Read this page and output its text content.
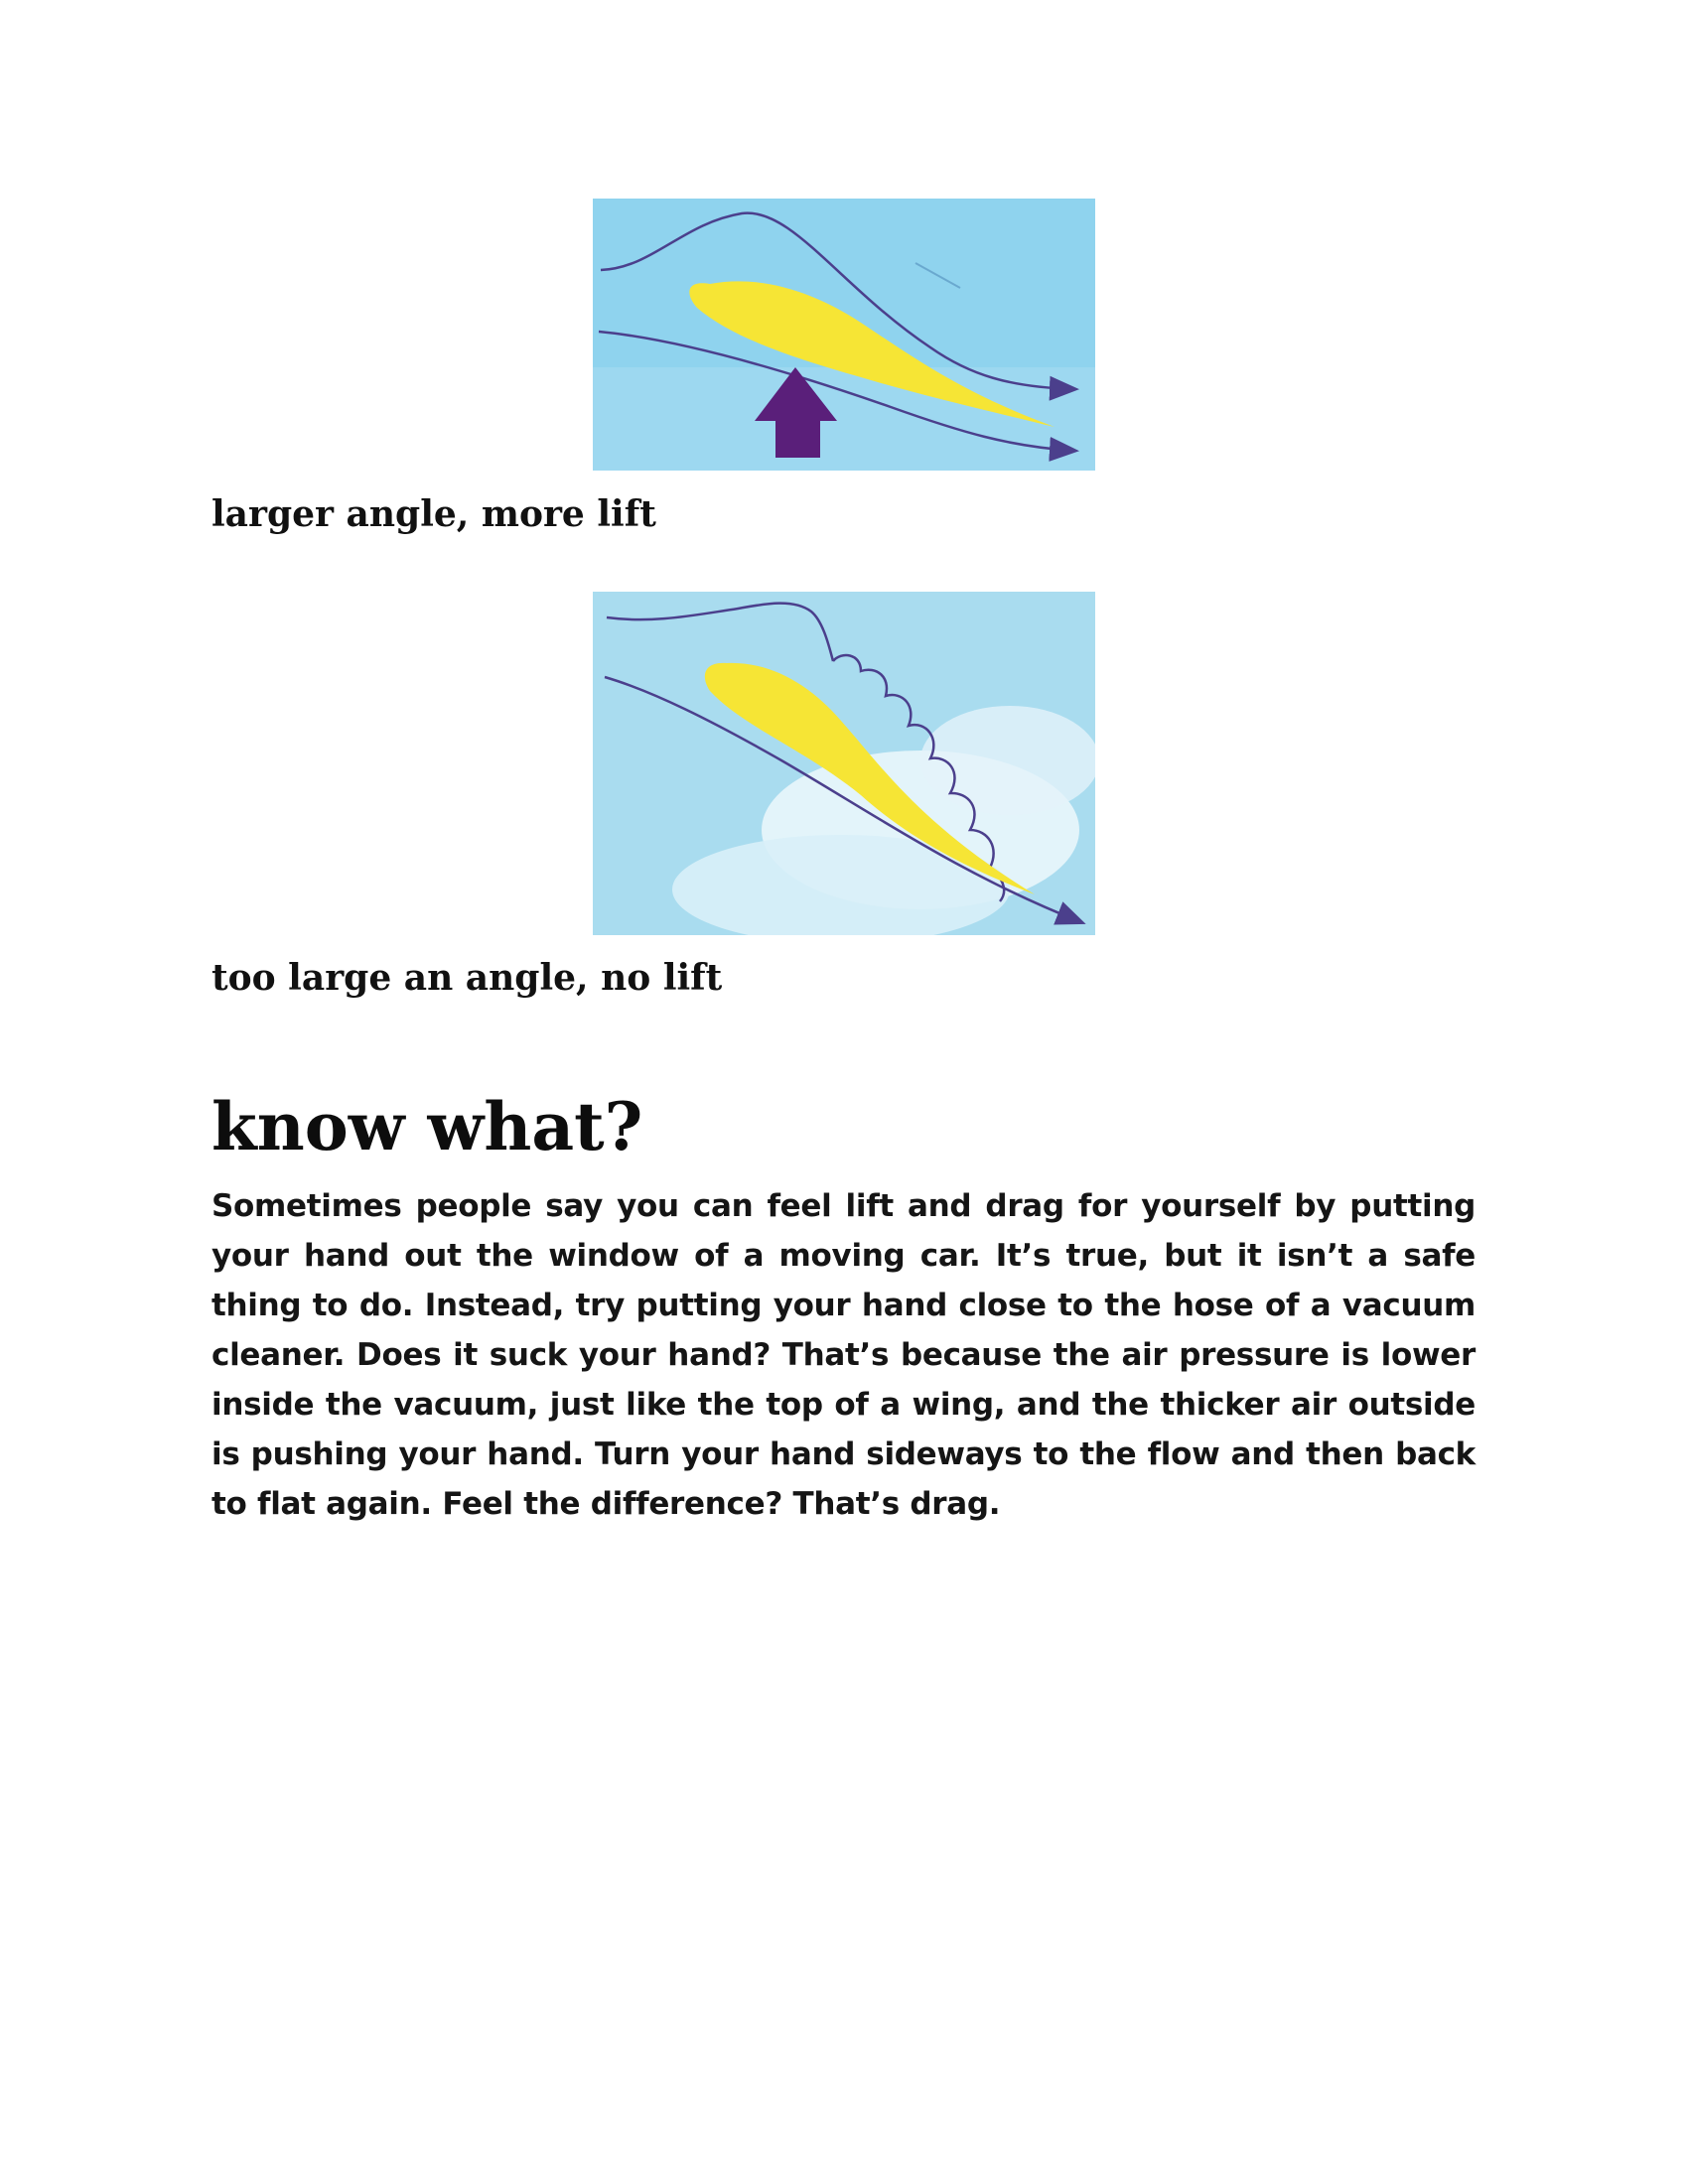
larger angle, more lift

too large an angle, no lift

know what?

Sometimes people say you can feel lift and drag for yourself by putting your hand out the window of a moving car. It’s true, but it isn’t a safe thing to do. Instead, try putting your hand close to the hose of a vacuum cleaner. Does it suck your hand? That’s because the air pressure is lower inside the vacuum, just like the top of a wing, and the thicker air outside is pushing your hand. Turn your hand sideways to the flow and then back to flat again. Feel the difference? That’s drag.
